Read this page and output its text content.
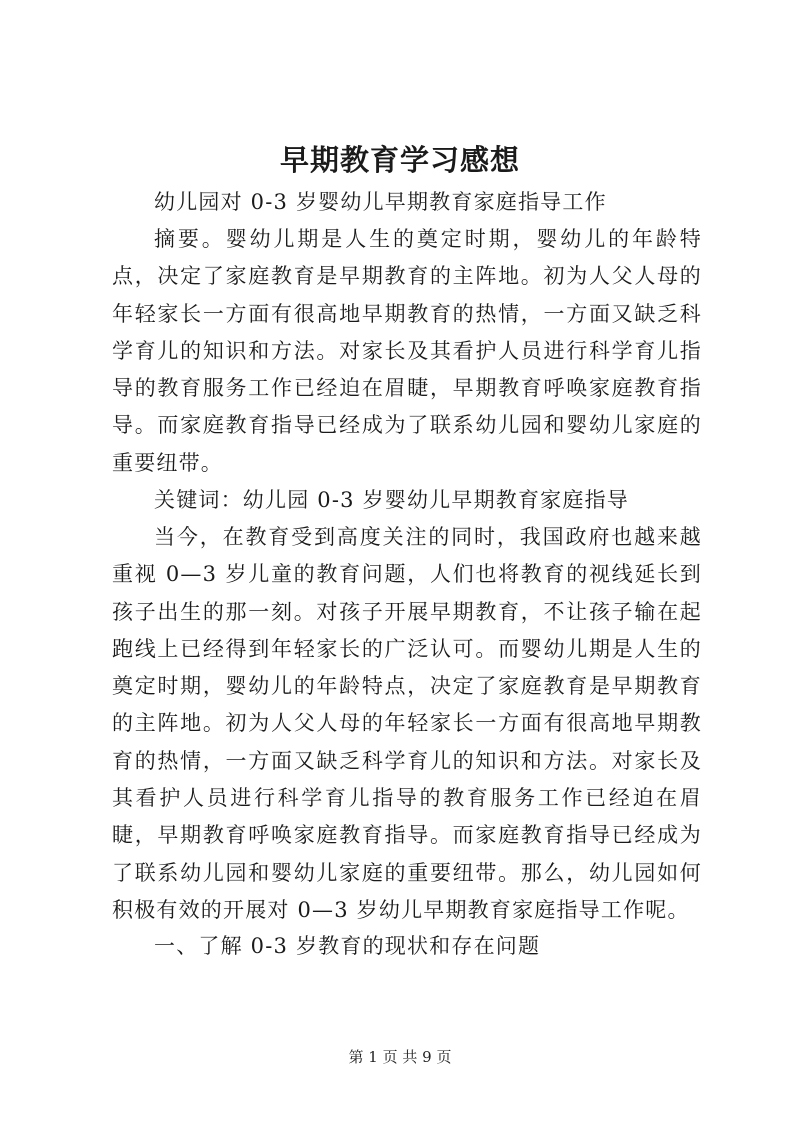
早期教育学习感想

幼儿园对 0-3 岁婴幼儿早期教育家庭指导工作

摘要。婴幼儿期是人生的奠定时期，婴幼儿的年龄特点，决定了家庭教育是早期教育的主阵地。初为人父人母的年轻家长一方面有很高地早期教育的热情，一方面又缺乏科学育儿的知识和方法。对家长及其看护人员进行科学育儿指导的教育服务工作已经迫在眉睫，早期教育呼唤家庭教育指导。而家庭教育指导已经成为了联系幼儿园和婴幼儿家庭的重要纽带。

关键词：幼儿园 0-3 岁婴幼儿早期教育家庭指导

当今，在教育受到高度关注的同时，我国政府也越来越重视 0—3 岁儿童的教育问题，人们也将教育的视线延长到孩子出生的那一刻。对孩子开展早期教育，不让孩子输在起跑线上已经得到年轻家长的广泛认可。而婴幼儿期是人生的奠定时期，婴幼儿的年龄特点，决定了家庭教育是早期教育的主阵地。初为人父人母的年轻家长一方面有很高地早期教育的热情，一方面又缺乏科学育儿的知识和方法。对家长及其看护人员进行科学育儿指导的教育服务工作已经迫在眉睫，早期教育呼唤家庭教育指导。而家庭教育指导已经成为了联系幼儿园和婴幼儿家庭的重要纽带。那么，幼儿园如何积极有效的开展对 0—3 岁幼儿早期教育家庭指导工作呢。

一、了解 0-3 岁教育的现状和存在问题

第 1 页 共 9 页
